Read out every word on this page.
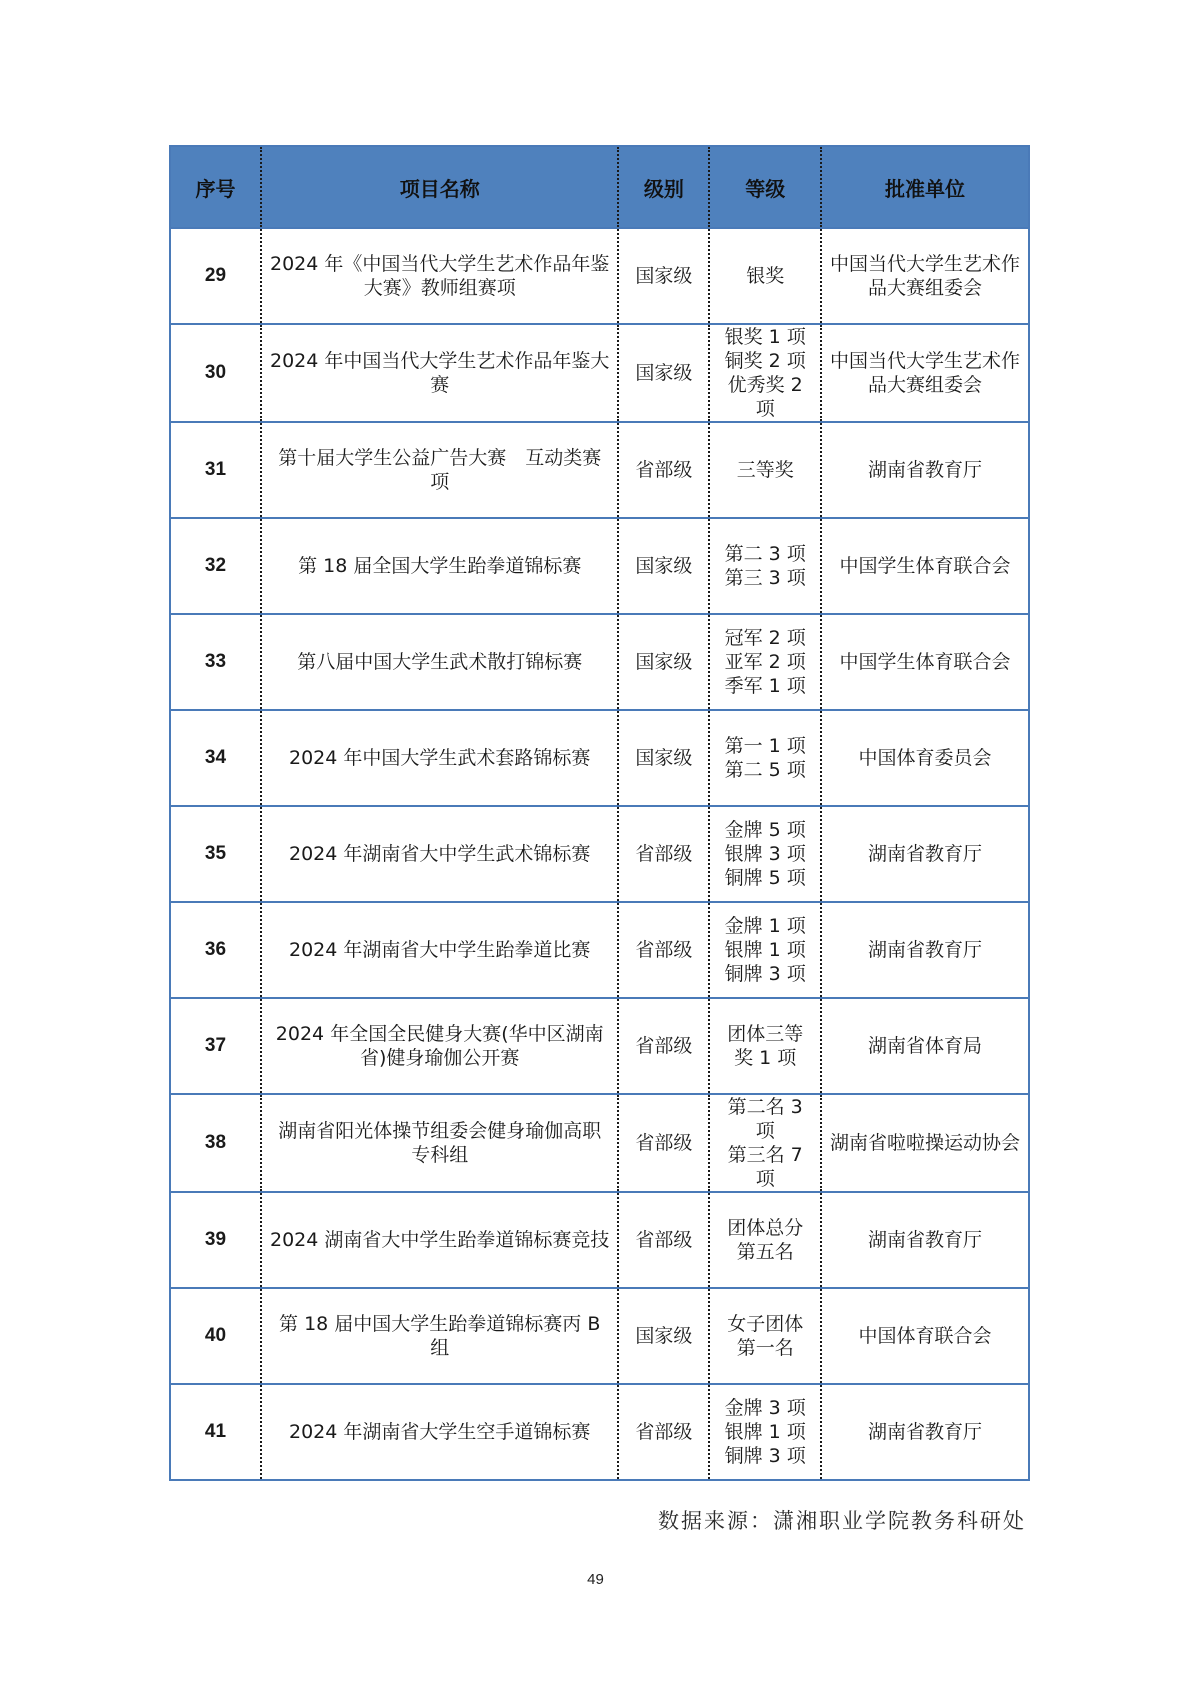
序号	项目名称	级别	等级	批准单位
29	2024 年《中国当代大学生艺术作品年鉴大赛》教师组赛项	国家级	银奖	中国当代大学生艺术作品大赛组委会
30	2024 年中国当代大学生艺术作品年鉴大赛	国家级	银奖 1 项
铜奖 2 项
优秀奖 2 项	中国当代大学生艺术作品大赛组委会
31	第十届大学生公益广告大赛　互动类赛项	省部级	三等奖	湖南省教育厅
32	第 18 届全国大学生跆拳道锦标赛	国家级	第二 3 项
第三 3 项	中国学生体育联合会
33	第八届中国大学生武术散打锦标赛	国家级	冠军 2 项
亚军 2 项
季军 1 项	中国学生体育联合会
34	2024 年中国大学生武术套路锦标赛	国家级	第一 1 项
第二 5 项	中国体育委员会
35	2024 年湖南省大中学生武术锦标赛	省部级	金牌 5 项
银牌 3 项
铜牌 5 项	湖南省教育厅
36	2024 年湖南省大中学生跆拳道比赛	省部级	金牌 1 项
银牌 1 项
铜牌 3 项	湖南省教育厅
37	2024 年全国全民健身大赛(华中区湖南省)健身瑜伽公开赛	省部级	团体三等奖 1 项	湖南省体育局
38	湖南省阳光体操节组委会健身瑜伽高职专科组	省部级	第二名 3 项
第三名 7 项	湖南省啦啦操运动协会
39	2024 湖南省大中学生跆拳道锦标赛竞技	省部级	团体总分第五名	湖南省教育厅
40	第 18 届中国大学生跆拳道锦标赛丙 B 组	国家级	女子团体第一名	中国体育联合会
41	2024 年湖南省大学生空手道锦标赛	省部级	金牌 3 项
银牌 1 项
铜牌 3 项	湖南省教育厅
数据来源：潇湘职业学院教务科研处
49
